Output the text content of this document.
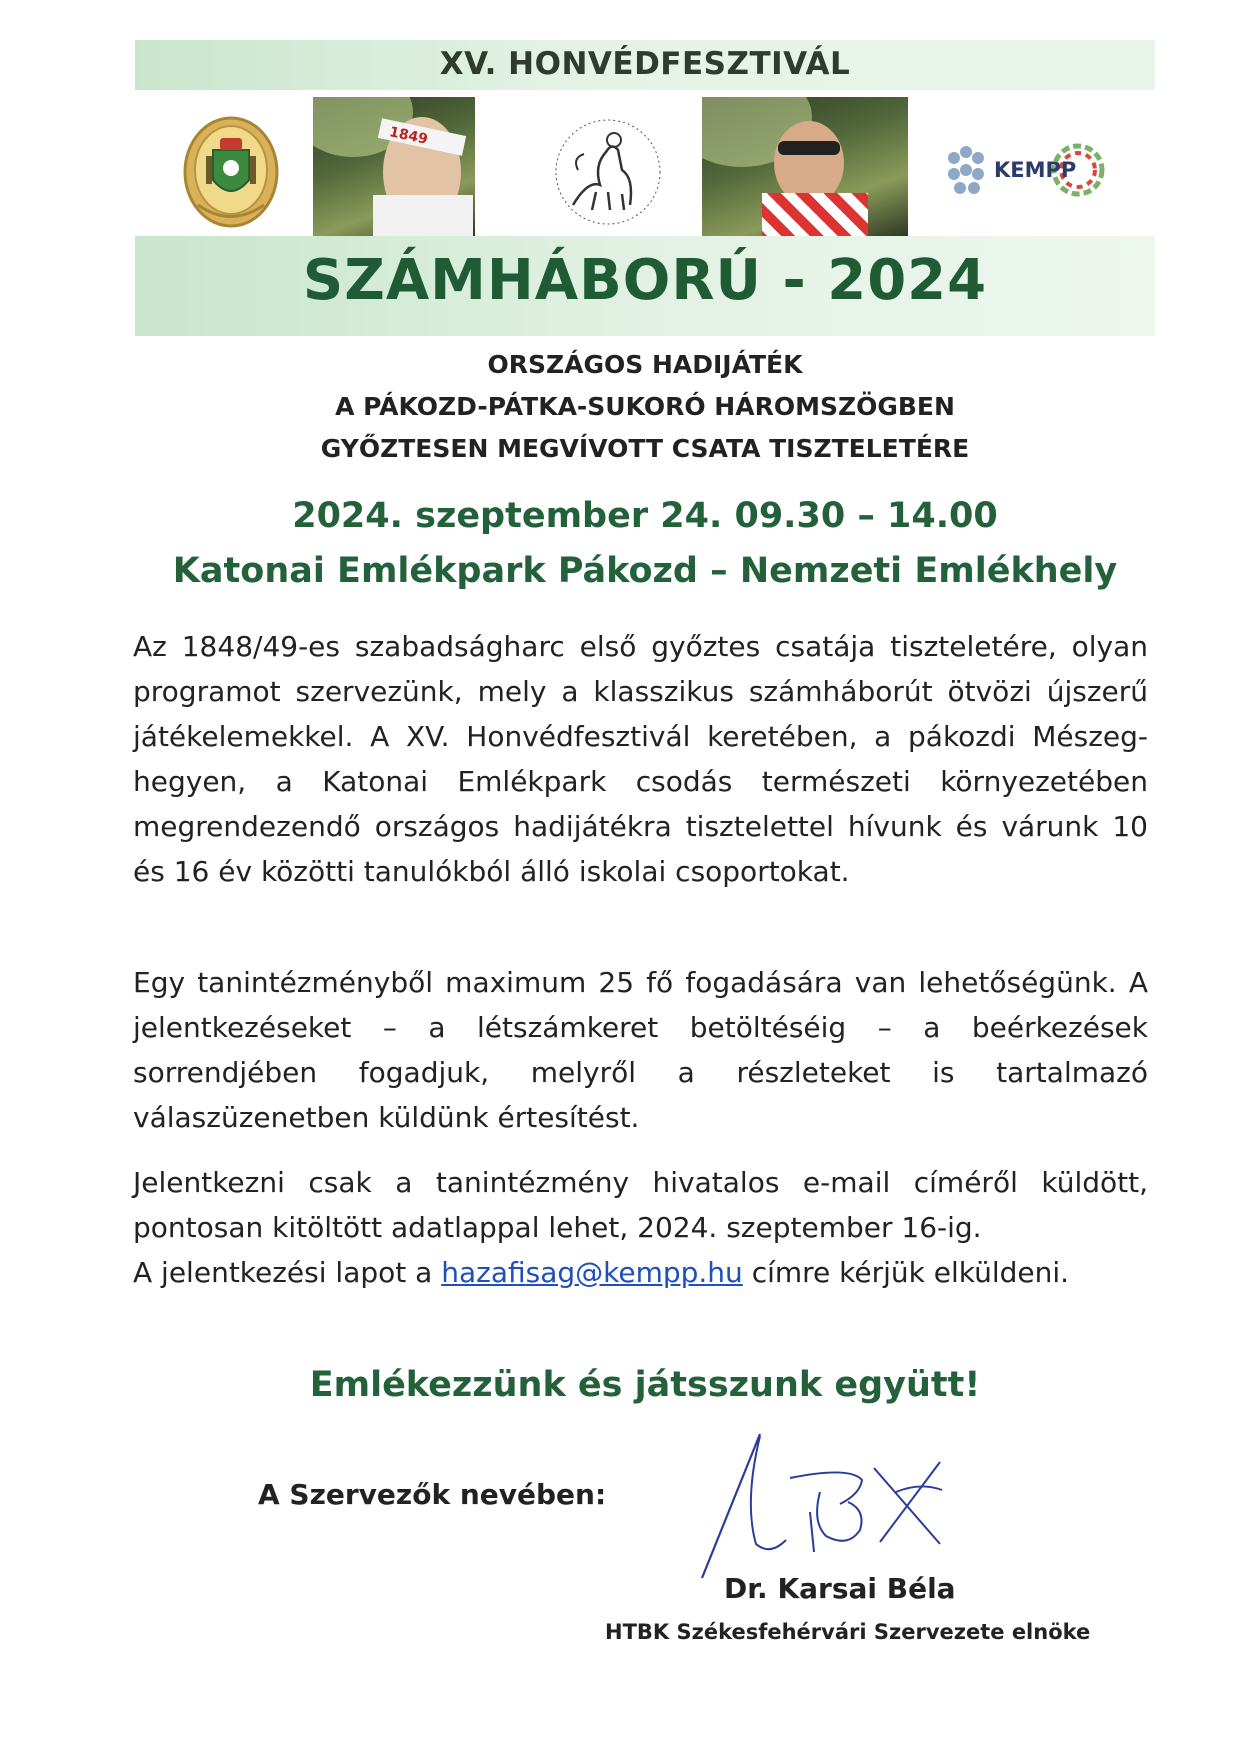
XV. HONVÉDFESZTIVÁL
1849
KEMPP
SZÁMHÁBORÚ - 2024
ORSZÁGOS HADIJÁTÉK
A PÁKOZD-PÁTKA-SUKORÓ HÁROMSZÖGBEN
GYŐZTESEN MEGVÍVOTT CSATA TISZTELETÉRE
2024. szeptember 24. 09.30 – 14.00
Katonai Emlékpark Pákozd – Nemzeti Emlékhely
Az 1848/49-es szabadságharc első győztes csatája tiszteletére, olyan programot szervezünk, mely a klasszikus számháborút ötvözi újszerű játékelemekkel. A XV. Honvédfesztivál keretében, a pákozdi Mészeg-hegyen, a Katonai Emlékpark csodás természeti környezetében megrendezendő országos hadijátékra tisztelettel hívunk és várunk 10 és 16 év közötti tanulókból álló iskolai csoportokat.
Egy tanintézményből maximum 25 fő fogadására van lehetőségünk. A jelentkezéseket – a létszámkeret betöltéséig – a beérkezések sorrendjében fogadjuk, melyről a részleteket is tartalmazó válaszüzenetben küldünk értesítést.
Jelentkezni csak a tanintézmény hivatalos e-mail címéről küldött, pontosan kitöltött adatlappal lehet, 2024. szeptember 16-ig.
A jelentkezési lapot a hazafisag@kempp.hu címre kérjük elküldeni.
Emlékezzünk és játsszunk együtt!
A Szervezők nevében:
Dr. Karsai Béla
HTBK Székesfehérvári Szervezete elnöke
